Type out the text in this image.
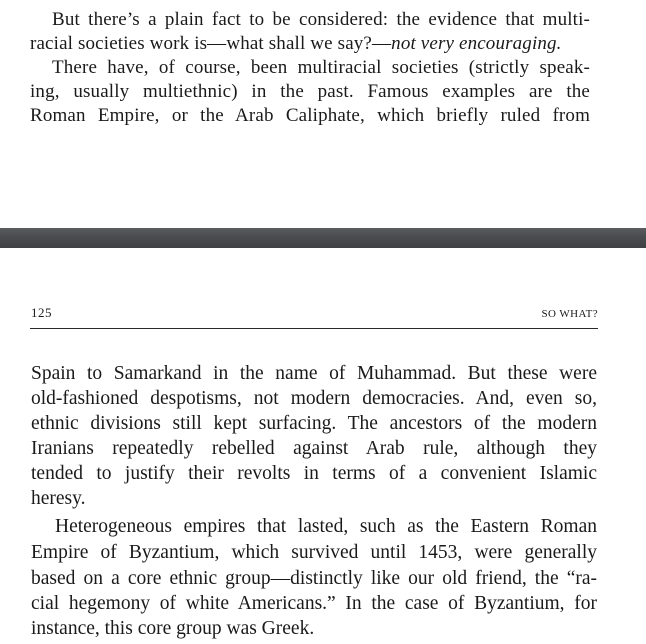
But there’s a plain fact to be considered: the evidence that multi-
racial societies work is—what shall we say?—not very encouraging.
There have, of course, been multiracial societies (strictly speak-
ing, usually multiethnic) in the past. Famous examples are the
Roman Empire, or the Arab Caliphate, which briefly ruled from
125	SO WHAT?
Spain to Samarkand in the name of Muhammad. But these were
old-fashioned despotisms, not modern democracies. And, even so,
ethnic divisions still kept surfacing. The ancestors of the modern
Iranians repeatedly rebelled against Arab rule, although they
tended to justify their revolts in terms of a convenient Islamic
heresy.
Heterogeneous empires that lasted, such as the Eastern Roman
Empire of Byzantium, which survived until 1453, were generally
based on a core ethnic group—distinctly like our old friend, the “ra-
cial hegemony of white Americans.” In the case of Byzantium, for
instance, this core group was Greek.
